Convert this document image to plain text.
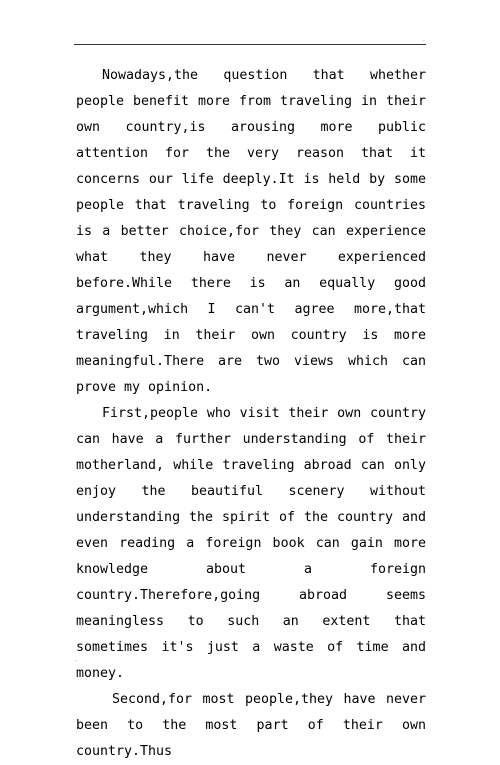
.

Nowadays,the question that whether people benefit more from traveling in their own country,is arousing more public attention for the very reason that it concerns our life deeply.It is held by some people that traveling to foreign countries is a better choice,for they can experience what they have never experienced before.While there is an equally good argument,which I can't agree more,that traveling in their own country is more meaningful.There are two views which can prove my opinion.

First,people who visit their own country can have a further understanding of their motherland, while traveling abroad can only enjoy the beautiful scenery without understanding the spirit of the country and even reading a foreign book can gain more knowledge about a foreign country.Therefore,going abroad seems meaningless to such an extent that sometimes it's just a waste of time and money.

Second,for most people,they have never been to the most part of their own country.Thus

.
